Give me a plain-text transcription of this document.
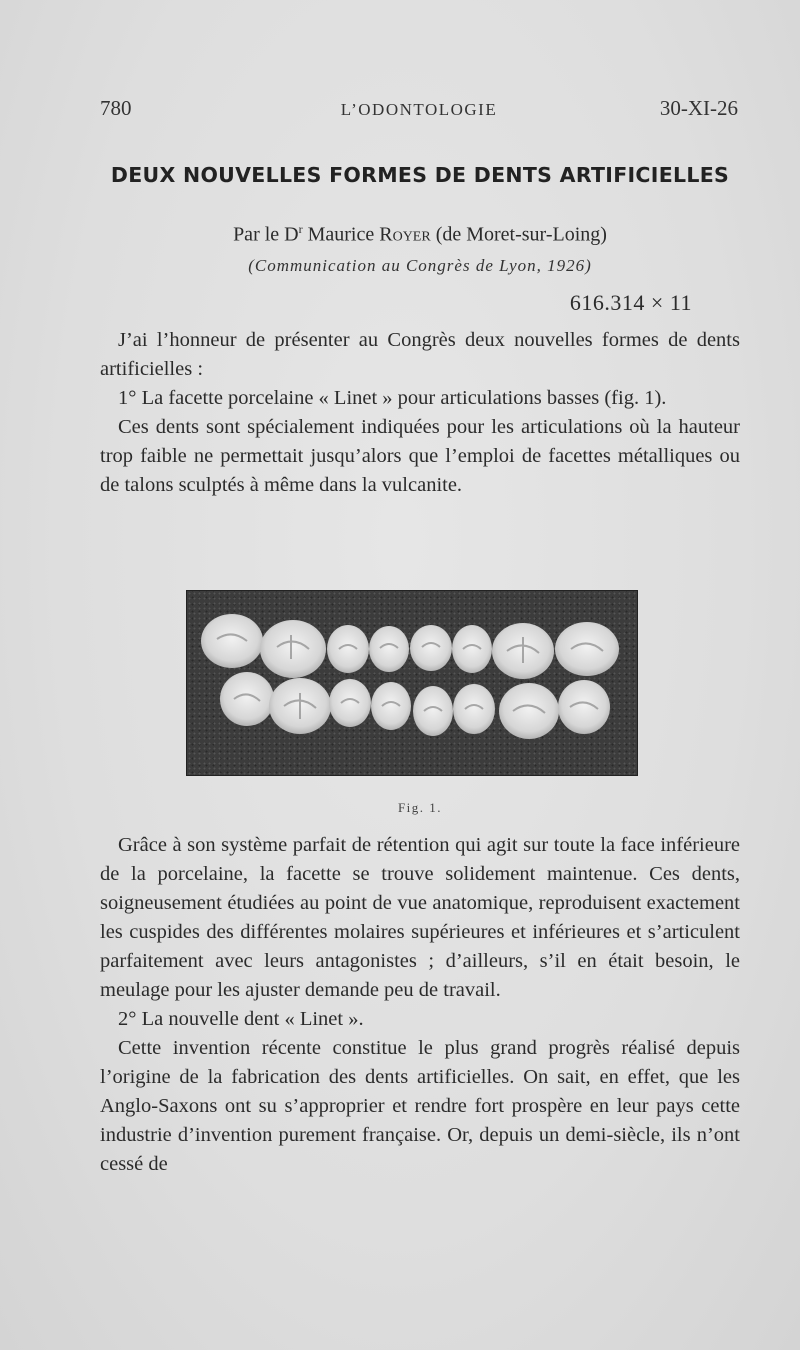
780	L’ODONTOLOGIE	30-XI-26
DEUX NOUVELLES FORMES DE DENTS ARTIFICIELLES
Par le $D^r$ Maurice Royer (de Moret-sur-Loing)
(Communication au Congrès de Lyon, 1926)
616.314 × 11

J’ai l’honneur de présenter au Congrès deux nouvelles formes de dents artificielles :

1° La facette porcelaine « Linet » pour articulations basses (fig. 1).

Ces dents sont spécialement indiquées pour les articulations où la hauteur trop faible ne permettait jusqu’alors que l’emploi de facettes métalliques ou de talons sculptés à même dans la vulcanite.

Fig. 1.

Grâce à son système parfait de rétention qui agit sur toute la face inférieure de la porcelaine, la facette se trouve solidement maintenue. Ces dents, soigneusement étudiées au point de vue anatomique, reproduisent exactement les cuspides des différentes molaires supérieures et inférieures et s’articulent parfaitement avec leurs antagonistes ; d’ailleurs, s’il en était besoin, le meulage pour les ajuster demande peu de travail.

2° La nouvelle dent « Linet ».

Cette invention récente constitue le plus grand progrès réalisé depuis l’origine de la fabrication des dents artificielles. On sait, en effet, que les Anglo-Saxons ont su s’approprier et rendre fort prospère en leur pays cette industrie d’invention purement française. Or, depuis un demi-siècle, ils n’ont cessé de
